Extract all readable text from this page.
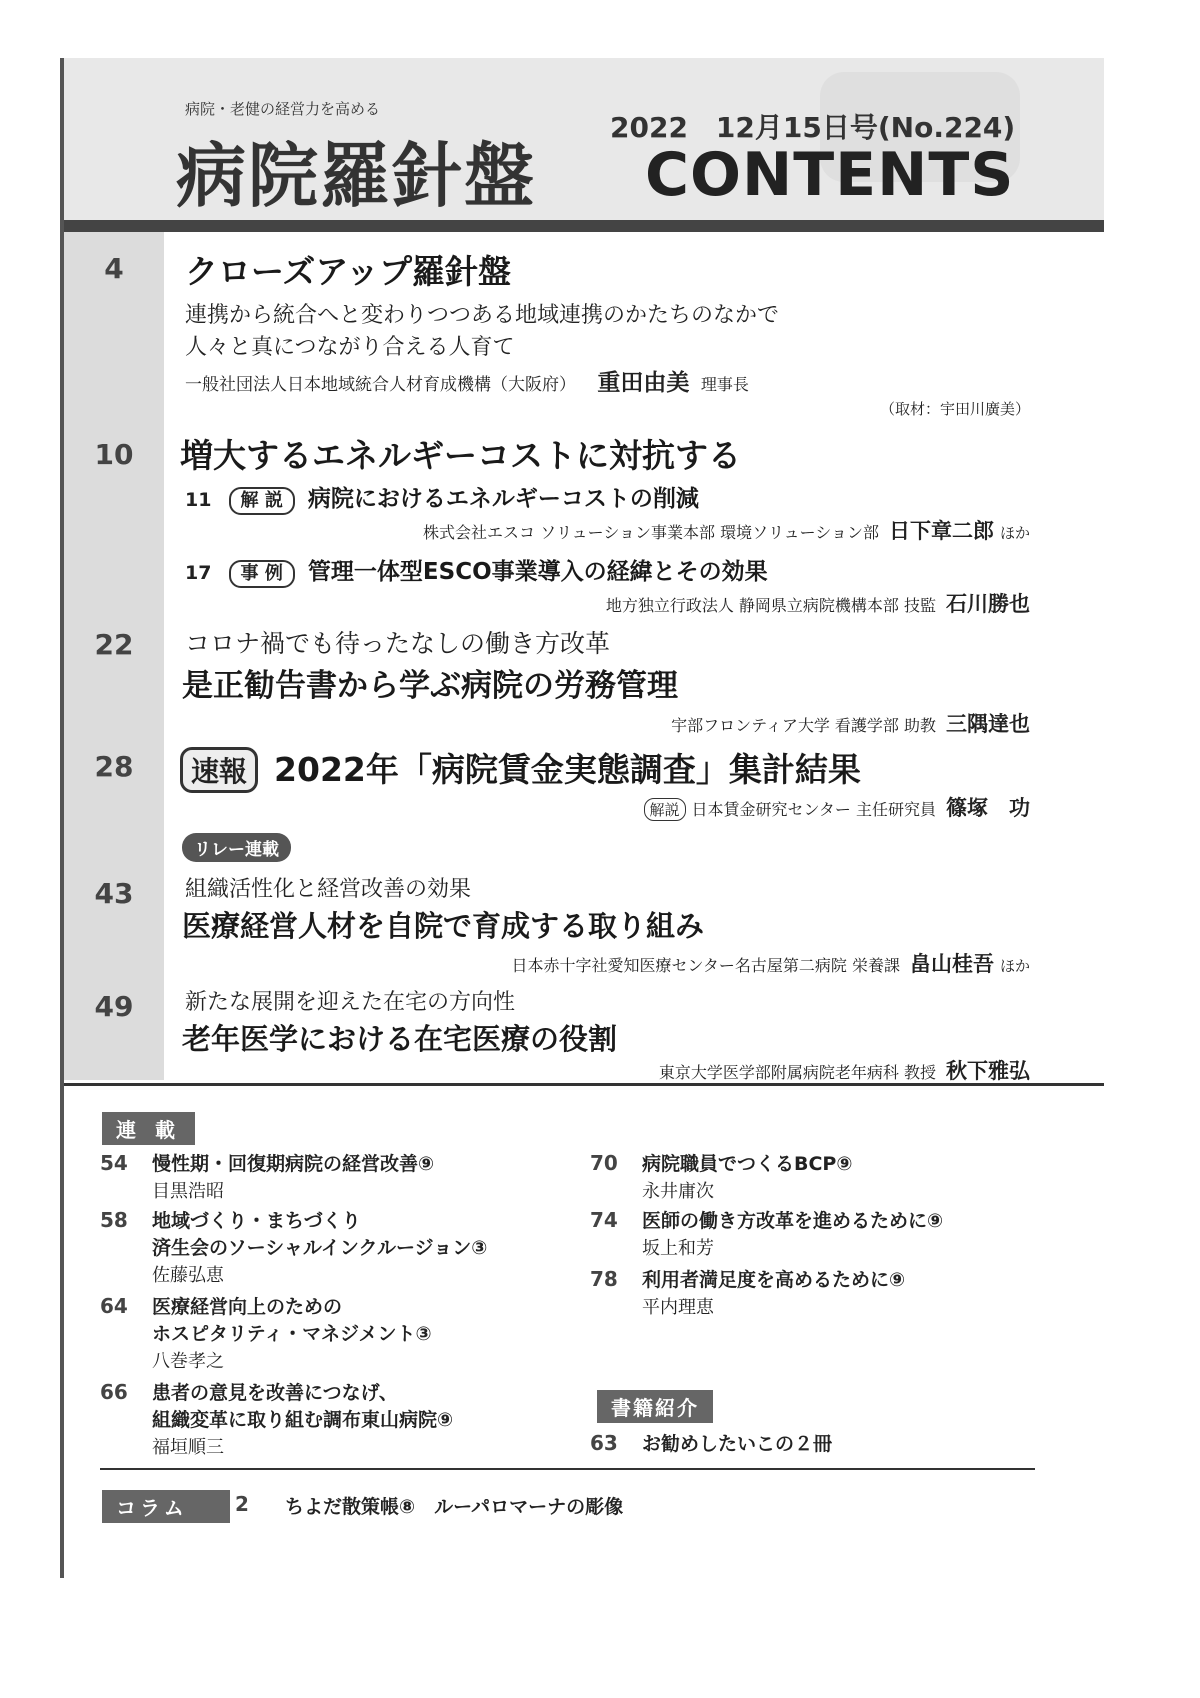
病院・老健の経営力を高める
病院羅針盤
2022　12月15日号(No.224)
CONTENTS
4	クローズアップ羅針盤
連携から統合へと変わりつつある地域連携のかたちのなかで
人々と真につながり合える人育て
一般社団法人日本地域統合人材育成機構（大阪府） 重田由美 理事長
（取材：宇田川廣美）
10	増大するエネルギーコストに対抗する
11 解 説 病院におけるエネルギーコストの削減
株式会社エスコ ソリューション事業本部 環境ソリューション部 日下章二郎 ほか
17 事 例 管理一体型ESCO事業導入の経緯とその効果
地方独立行政法人 静岡県立病院機構本部 技監 石川勝也
22	コロナ禍でも待ったなしの働き方改革
是正勧告書から学ぶ病院の労務管理
宇部フロンティア大学 看護学部 助教 三隅達也
28	速報 2022年「病院賃金実態調査」集計結果
解説 日本賃金研究センター 主任研究員 篠塚　功
リレー連載
43	組織活性化と経営改善の効果
医療経営人材を自院で育成する取り組み
日本赤十字社愛知医療センター名古屋第二病院 栄養課 畠山桂吾 ほか
49	新たな展開を迎えた在宅の方向性
老年医学における在宅医療の役割
東京大学医学部附属病院老年病科 教授 秋下雅弘
連 載
54 慢性期・回復期病院の経営改善⑨
目黒浩昭
58 地域づくり・まちづくり
済生会のソーシャルインクルージョン③
佐藤弘恵
64 医療経営向上のための
ホスピタリティ・マネジメント③
八巻孝之
66 患者の意見を改善につなげ、
組織変革に取り組む調布東山病院⑨
福垣順三
70 病院職員でつくるBCP⑨
永井庸次
74 医師の働き方改革を進めるために⑨
坂上和芳
78 利用者満足度を高めるために⑨
平内理恵
書籍紹介
63 お勧めしたいこの２冊
コラム	2 ちよだ散策帳⑧　ルーパロマーナの彫像
